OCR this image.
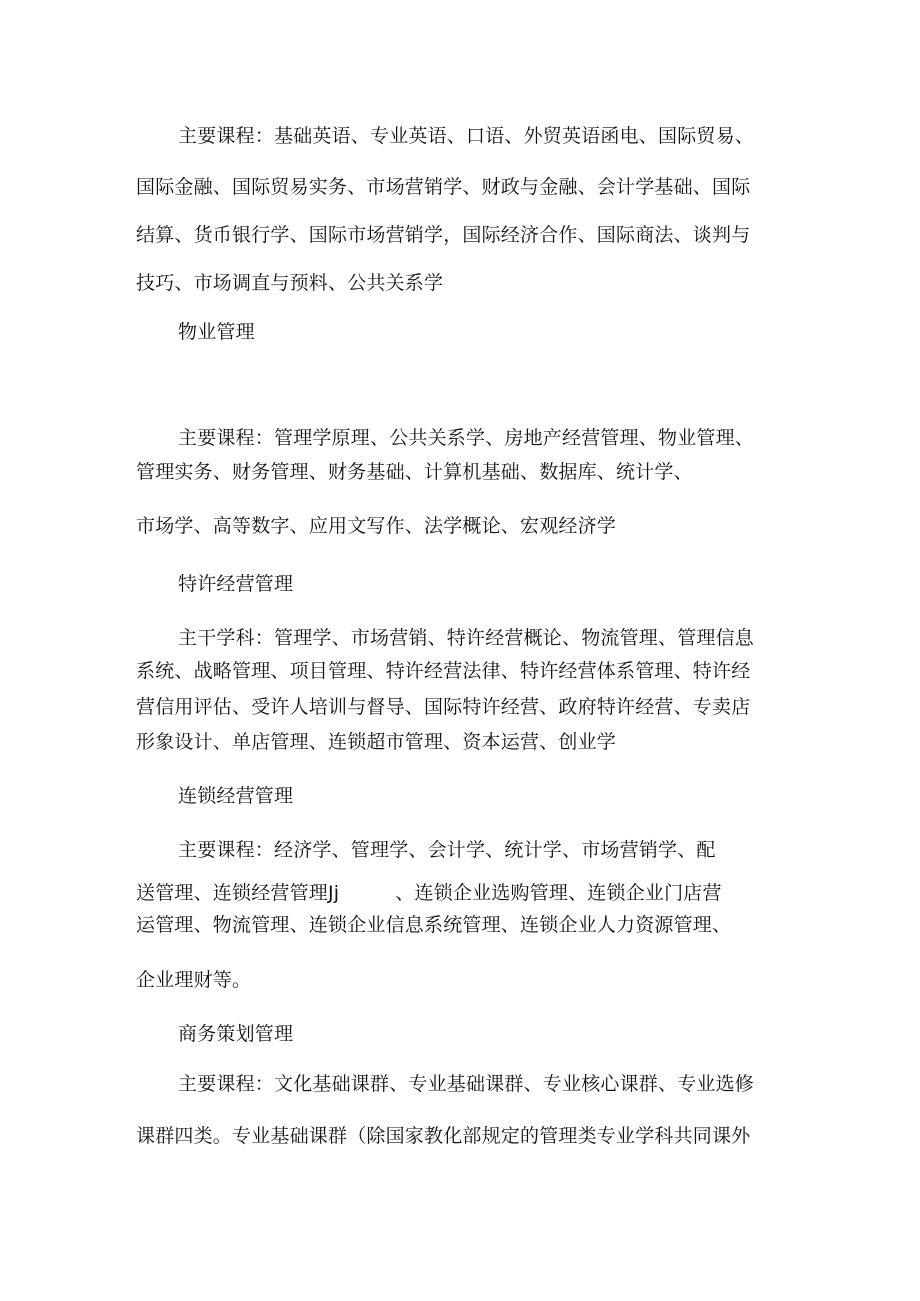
主要课程：基础英语、专业英语、口语、外贸英语函电、国际贸易、
国际金融、国际贸易实务、市场营销学、财政与金融、会计学基础、国际
结算、货币银行学、国际市场营销学，国际经济合作、国际商法、谈判与
技巧、市场调直与预料、公共关系学
物业管理
主要课程：管理学原理、公共关系学、房地产经营管理、物业管理、
管理实务、财务管理、财务基础、计算机基础、数据库、统计学、
市场学、高等数字、应用文写作、法学概论、宏观经济学
特许经营管理
主干学科：管理学、市场营销、特许经营概论、物流管理、管理信息
系统、战略管理、项目管理、特许经营法律、特许经营体系管理、特许经
营信用评估、受许人培训与督导、国际特许经营、政府特许经营、专卖店
形象设计、单店管理、连锁超市管理、资本运营、创业学
连锁经营管理
主要课程：经济学、管理学、会计学、统计学、市场营销学、配
送管理、连锁经营管理Jj	、连锁企业选购管理、连锁企业门店营
运管理、物流管理、连锁企业信息系统管理、连锁企业人力资源管理、
企业理财等。
商务策划管理
主要课程：文化基础课群、专业基础课群、专业核心课群、专业选修
课群四类。专业基础课群（除国家教化部规定的管理类专业学科共同课外
